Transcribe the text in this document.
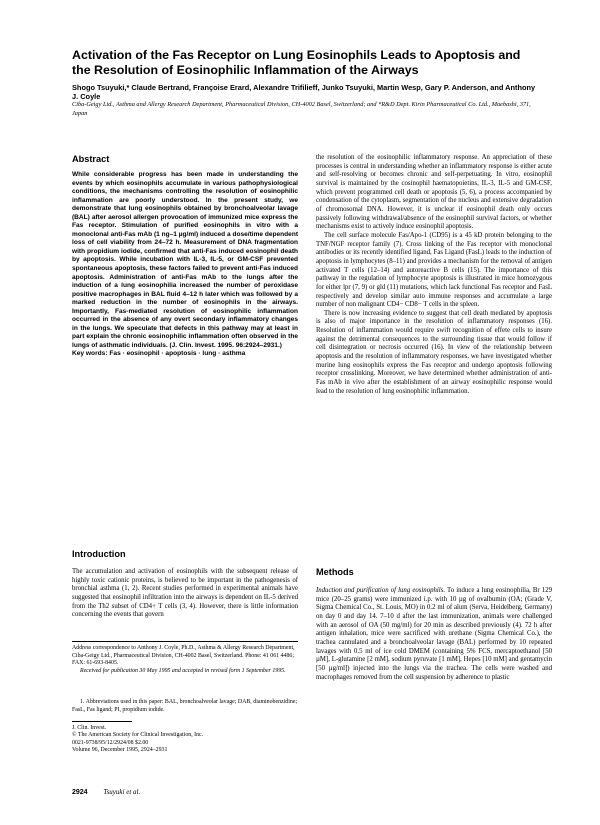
Activation of the Fas Receptor on Lung Eosinophils Leads to Apoptosis and the Resolution of Eosinophilic Inflammation of the Airways
Shogo Tsuyuki,* Claude Bertrand, Françoise Erard, Alexandre Trifilieff, Junko Tsuyuki, Martin Wesp, Gary P. Anderson, and Anthony J. Coyle
Ciba-Geigy Ltd., Asthma and Allergy Research Department, Pharmaceutical Division, CH-4002 Basel, Switzerland; and *R&D Dept. Kirin Pharmaceutical Co. Ltd., Maebashi, 371, Japan
Abstract

While considerable progress has been made in understanding the events by which eosinophils accumulate in various pathophysiological conditions, the mechanisms controlling the resolution of eosinophilic inflammation are poorly understood. In the present study, we demonstrate that lung eosinophils obtained by bronchoalveolar lavage (BAL) after aerosol allergen provocation of immunized mice express the Fas receptor. Stimulation of purified eosinophils in vitro with a monoclonal anti-Fas mAb (1 ng–1 µg/ml) induced a dose/time dependent loss of cell viability from 24–72 h. Measurement of DNA fragmentation with propidium iodide, confirmed that anti-Fas induced eosinophil death by apoptosis. While incubation with IL-3, IL-5, or GM-CSF prevented spontaneous apoptosis, these factors failed to prevent anti-Fas induced apoptosis. Administration of anti-Fas mAb to the lungs after the induction of a lung eosinophilia increased the number of peroxidase positive macrophages in BAL fluid 4–12 h later which was followed by a marked reduction in the number of eosinophils in the airways. Importantly, Fas-mediated resolution of eosinophilic inflammation occurred in the absence of any overt secondary inflammatory changes in the lungs. We speculate that defects in this pathway may at least in part explain the chronic eosinophilic inflammation often observed in the lungs of asthmatic individuals. (J. Clin. Invest. 1995. 96:2924–2931.)

Key words: Fas · eosinophil · apoptosis · lung · asthma

Introduction

The accumulation and activation of eosinophils with the subsequent release of highly toxic cationic proteins, is believed to be important in the pathogenesis of bronchial asthma (1, 2). Recent studies performed in experimental animals have suggested that eosinophil infiltration into the airways is dependent on IL-5 derived from the Th2 subset of CD4+ T cells (3, 4). However, there is little information concerning the events that govern

Address correspondence to Anthony J. Coyle, Ph.D., Asthma & Allergy Research Department, Ciba-Geigy Ltd., Pharmaceutical Division, CH-4002 Basel, Switzerland. Phone: 41 061 4486; FAX: 61-693-8405.

Received for publication 30 May 1995 and accepted in revised form 1 September 1995.

1. Abbreviations used in this paper: BAL, bronchoalveolar lavage; DAB, diaminobenzidine; FasL, Fas ligand; PI, propidium iodide.

J. Clin. Invest.
© The American Society for Clinical Investigation, Inc.
0021-9738/95/12/2924/08 $2.00
Volume 96, December 1995, 2924–2931

the resolution of the eosinophilic inflammatory response. An appreciation of these processes is central in understanding whether an inflammatory response is either acute and self-resolving or becomes chronic and self-perpetuating. In vitro, eosinophil survival is maintained by the cosinophil haematopoietins, IL-3, IL-5 and GM-CSF, which prevent programmed cell death or apoptosis (5, 6), a process accompanied by condensation of the cytoplasm, segmentation of the nucleus and extensive degradation of chromosomal DNA. However, it is unclear if eosinophil death only occurs passively following withdrawal/absence of the eosinophil survival factors, or whether mechanisms exist to actively induce eosinophil apoptosis.

The cell surface molecule Fas/Apo-1 (CD95) is a 45 kD protein belonging to the TNF/NGF receptor family (7). Cross linking of the Fas receptor with monoclonal antibodies or its recently identified ligand, Fas Ligand (FasL) leads to the induction of apoptosis in lymphocytes (8–11) and provides a mechanism for the removal of antigen activated T cells (12–14) and autoreactive B cells (15). The importance of this pathway in the regulation of lymphocyte apoptosis is illustrated in mice homozygous for either lpr (7, 9) or gld (11) mutations, which lack functional Fas receptor and FasL respectively and develop similar auto immune responses and accumulate a large number of non malignant CD4− CD8− T cells in the spleen.

There is now increasing evidence to suggest that cell death mediated by apoptosis is also of major importance in the resolution of inflammatory responses (16). Resolution of inflammation would require swift recognition of effete cells to insure against the detrimental consequences to the surrounding tissue that would follow if cell disintegration or necrosis occurred (16). In view of the relationship between apoptosis and the resolution of inflammatory responses, we have investigated whether murine lung eosinophils express the Fas receptor and undergo apoptosis following receptor crosslinking. Moreover, we have determined whether administration of anti-Fas mAb in vivo after the establishment of an airway eosinophilic response would lead to the resolution of lung eosinophilic inflammation.

Methods

Induction and purification of lung eosinophils. To induce a lung eosinophilia, Br 129 mice (20–25 grams) were immunized i.p. with 10 µg of ovalbumin (OA; (Grade V, Sigma Chemical Co., St. Louis, MO) in 0.2 ml of alum (Serva, Heidelberg, Germany) on day 0 and day 14. 7–10 d after the last immunization, animals were challenged with an aerosol of OA (50 mg/ml) for 20 min as described previously (4). 72 h after antigen inhalation, mice were sacrificed with urethane (Sigma Chemical Co.), the trachea cannulated and a bronchoalveolar lavage (BAL) performed by 10 repeated lavages with 0.5 ml of ice cold DMEM (containing 5% FCS, mercaptoethanol [50 µM], L-glutamine [2 mM], sodium pyruvate [1 mM], Hepes [10 mM] and gentamycin [50 µg/ml]) injected into the lungs via the trachea. The cells were washed and macrophages removed from the cell suspension by adherence to plastic

2924 Tsuyuki et al.
